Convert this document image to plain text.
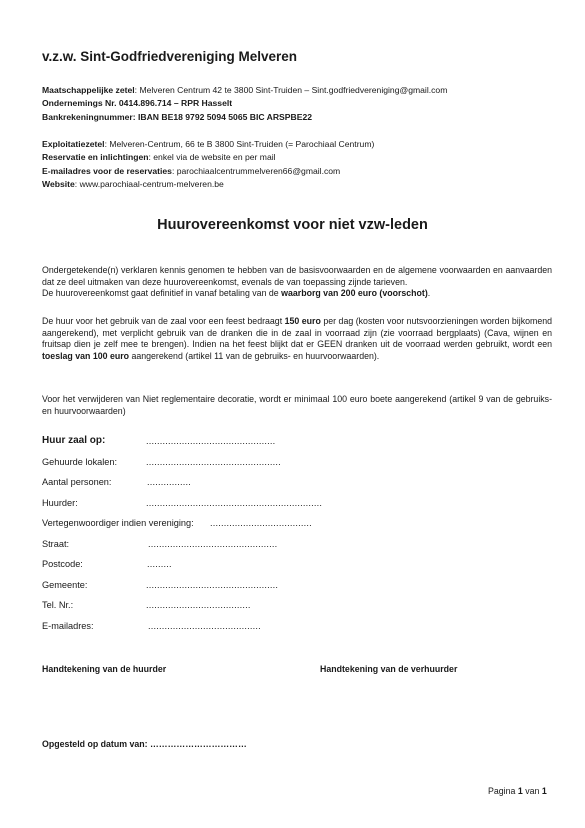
v.z.w. Sint-Godfriedvereniging Melveren
Maatschappelijke zetel: Melveren Centrum 42 te 3800 Sint-Truiden – Sint.godfriedvereniging@gmail.com
Ondernemings Nr. 0414.896.714 – RPR Hasselt
Bankrekeningnummer: IBAN BE18 9792 5094 5065 BIC ARSPBE22
Exploitatiezetel: Melveren-Centrum, 66 te B 3800 Sint-Truiden (= Parochiaal Centrum)
Reservatie en inlichtingen: enkel via de website en per mail
E-mailadres voor de reservaties: parochiaalcentrummelveren66@gmail.com
Website: www.parochiaal-centrum-melveren.be
Huurovereenkomst voor niet vzw-leden

Ondergetekende(n) verklaren kennis genomen te hebben van de basisvoorwaarden en de algemene voorwaarden en aanvaarden dat ze deel uitmaken van deze huurovereenkomst, evenals de van toepassing zijnde tarieven.
De huurovereenkomst gaat definitief in vanaf betaling van de waarborg van 200 euro (voorschot).

De huur voor het gebruik van de zaal voor een feest bedraagt 150 euro per dag (kosten voor nutsvoorzieningen worden bijkomend aangerekend), met verplicht gebruik van de dranken die in de zaal in voorraad zijn (zie voorraad bergplaats) (Cava, wijnen en fruitsap dien je zelf mee te brengen). Indien na het feest blijkt dat er GEEN dranken uit de voorraad werden gebruikt, wordt een toeslag van 100 euro aangerekend (artikel 11 van de gebruiks- en huurvoorwaarden).

Voor het verwijderen van Niet reglementaire decoratie, wordt er minimaal 100 euro boete aangerekend (artikel 9 van de gebruiks- en huurvoorwaarden)

Huur zaal op:	...............................................
Gehuurde lokalen:	.................................................
Aantal personen:	................
Huurder:	................................................................
Vertegenwoordiger indien vereniging: .....................................
Straat:	...............................................
Postcode:	.........
Gemeente:	................................................
Tel. Nr.:	......................................
E-mailadres:	.........................................
Handtekening van de huurder	Handtekening van de verhuurder
Opgesteld op datum van: ……………………………
Pagina 1 van 1
